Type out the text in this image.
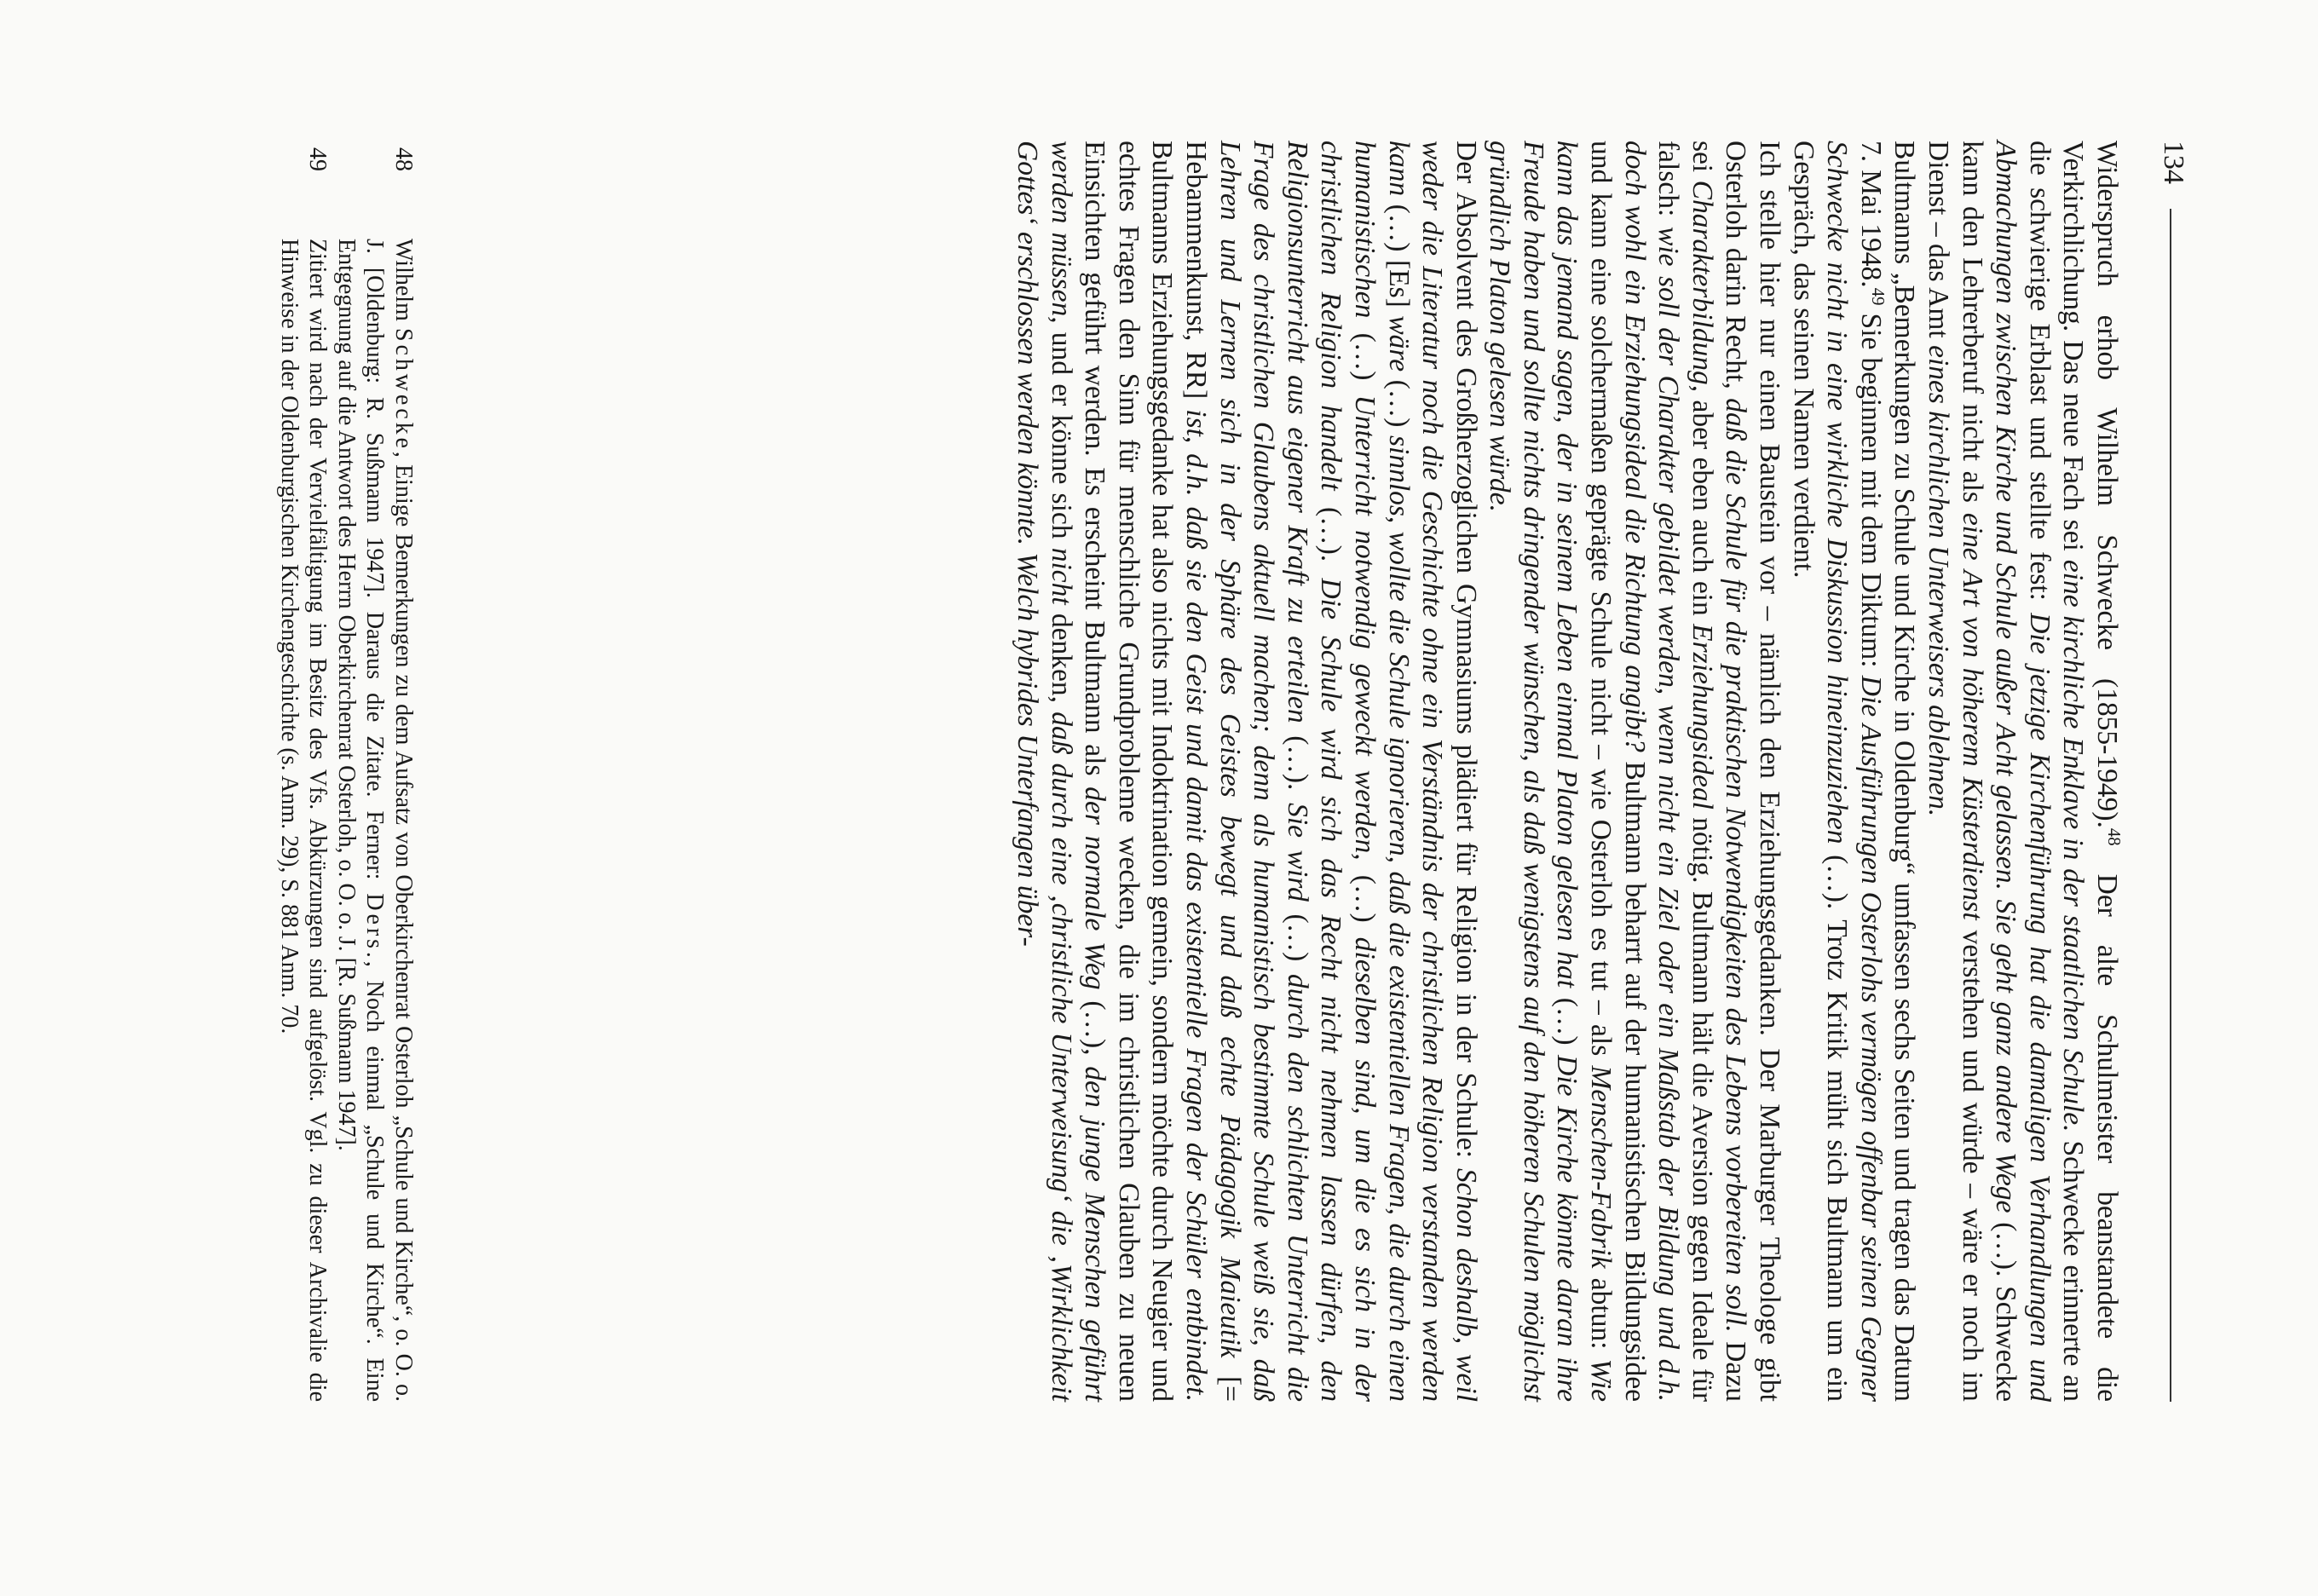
134

Widerspruch erhob Wilhelm Schwecke (1855-1949).$^{48}$ Der alte Schulmeister beanstandete die Verkirchlichung. Das neue Fach sei eine kirchliche Enklave in der staatlichen Schule. Schwecke erinnerte an die schwierige Erblast und stellte fest: Die jetzige Kirchenführung hat die damaligen Verhandlungen und Abmachungen zwischen Kirche und Schule außer Acht gelassen. Sie geht ganz andere Wege (…). Schwecke kann den Lehrerberuf nicht als eine Art von höherem Küsterdienst verstehen und würde – wäre er noch im Dienst – das Amt eines kirchlichen Unterweisers ablehnen.

Bultmanns „Bemerkungen zu Schule und Kirche in Oldenburg“ umfassen sechs Seiten und tragen das Datum 7. Mai 1948.49 Sie beginnen mit dem Diktum: Die Ausführungen Osterlohs vermögen offenbar seinen Gegner Schwecke nicht in eine wirkliche Diskussion hineinzuziehen (…). Trotz Kritik müht sich Bultmann um ein Gespräch, das seinen Namen verdient.

Ich stelle hier nur einen Baustein vor – nämlich den Erziehungsgedanken. Der Marburger Theologe gibt Osterloh darin Recht, daß die Schule für die praktischen Notwendigkeiten des Lebens vorbereiten soll. Dazu sei Charakterbildung, aber eben auch ein Erziehungsideal nötig. Bultmann hält die Aversion gegen Ideale für falsch: wie soll der Charakter gebildet werden, wenn nicht ein Ziel oder ein Maßstab der Bildung und d.h. doch wohl ein Erziehungsideal die Richtung angibt? Bultmann beharrt auf der humanistischen Bildungsidee und kann eine solchermaßen geprägte Schule nicht – wie Osterloh es tut – als Menschen-Fabrik abtun: Wie kann das jemand sagen, der in seinem Leben einmal Platon gelesen hat (…) Die Kirche könnte daran ihre Freude haben und sollte nichts dringender wünschen, als daß wenigstens auf den höheren Schulen möglichst gründlich Platon gelesen würde.

Der Absolvent des Großherzoglichen Gymnasiums plädiert für Religion in der Schule: Schon deshalb, weil weder die Literatur noch die Geschichte ohne ein Verständnis der christlichen Religion verstanden werden kann (…) [Es] wäre (…) sinnlos, wollte die Schule ignorieren, daß die existentiellen Fragen, die durch einen humanistischen (…) Unterricht notwendig geweckt werden, (…) dieselben sind, um die es sich in der christlichen Religion handelt (…). Die Schule wird sich das Recht nicht nehmen lassen dürfen, den Religionsunterricht aus eigener Kraft zu erteilen (…). Sie wird (…) durch den schlichten Unterricht die Frage des christlichen Glaubens aktuell machen; denn als humanistisch bestimmte Schule weiß sie, daß Lehren und Lernen sich in der Sphäre des Geistes bewegt und daß echte Pädagogik Maieutik [= Hebammenkunst, RR] ist, d.h. daß sie den Geist und damit das existentielle Fragen der Schüler entbindet. Bultmanns Erziehungsgedanke hat also nichts mit Indoktrination gemein, sondern möchte durch Neugier und echtes Fragen den Sinn für menschliche Grundprobleme wecken, die im christlichen Glauben zu neuen Einsichten geführt werden. Es erscheint Bultmann als der normale Weg (…), den junge Menschen geführt werden müssen, und er könne sich nicht denken, daß durch eine ‚christliche Unterweisung‘ die ‚Wirklichkeit Gottes‘ erschlossen werden könnte. Welch hybrides Unterfangen über-

48
Wilhelm Schwecke, Einige Bemerkungen zu dem Aufsatz von Oberkirchenrat Osterloh „Schule und Kirche“, o. O. o. J. [Oldenburg: R. Sußmann 1947]. Daraus die Zitate. Ferner: Ders., Noch einmal „Schule und Kirche“. Eine Entgegnung auf die Antwort des Herrn Oberkirchenrat Osterloh, o. O. o. J. [R. Sußmann 1947].
49
Zitiert wird nach der Vervielfältigung im Besitz des Vfs. Abkürzungen sind aufgelöst. Vgl. zu dieser Archivalie die Hinweise in der Oldenburgischen Kirchengeschichte (s. Anm. 29), S. 881 Anm. 70.
